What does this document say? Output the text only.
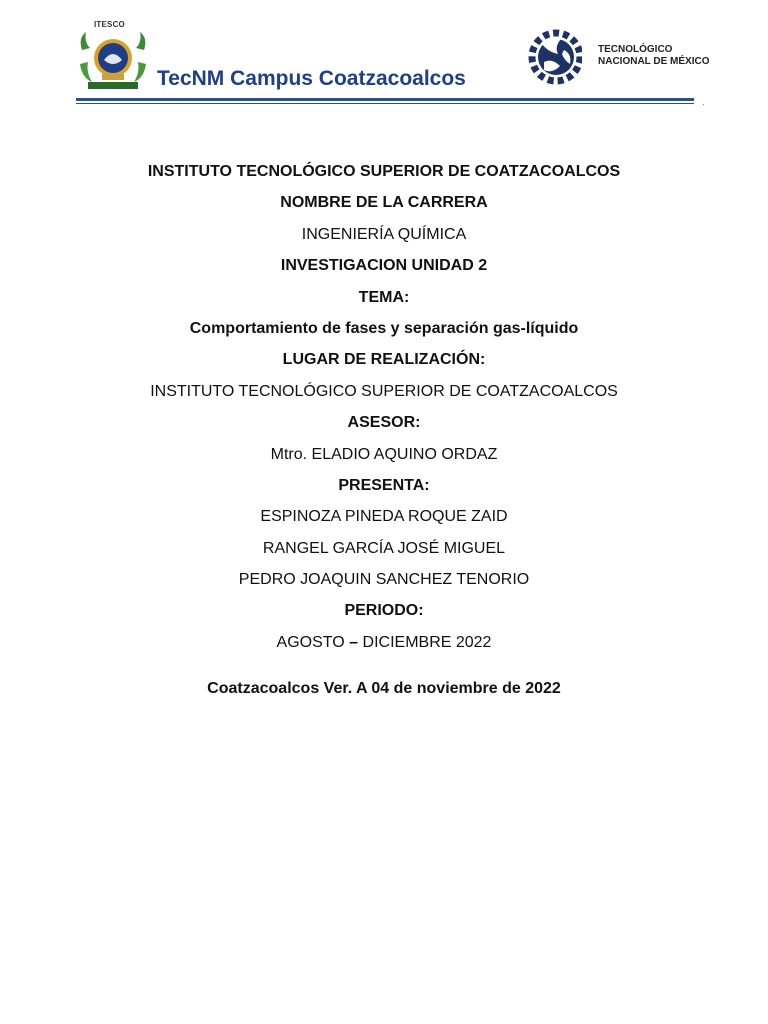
ITESCO
TecNM Campus Coatzacoalcos
TECNOLÓGICO
NACIONAL DE MÉXICO
INSTITUTO TECNOLÓGICO SUPERIOR DE COATZACOALCOS
NOMBRE DE LA CARRERA
INGENIERÍA QUÍMICA
INVESTIGACION UNIDAD 2
TEMA:
Comportamiento de fases y separación gas-líquido
LUGAR DE REALIZACIÓN:
INSTITUTO TECNOLÓGICO SUPERIOR DE COATZACOALCOS
ASESOR:
Mtro. ELADIO AQUINO ORDAZ
PRESENTA:
ESPINOZA PINEDA ROQUE ZAID
RANGEL GARCÍA JOSÉ MIGUEL
PEDRO JOAQUIN SANCHEZ TENORIO
PERIODO:
AGOSTO – DICIEMBRE 2022
Coatzacoalcos Ver. A 04 de noviembre de 2022
